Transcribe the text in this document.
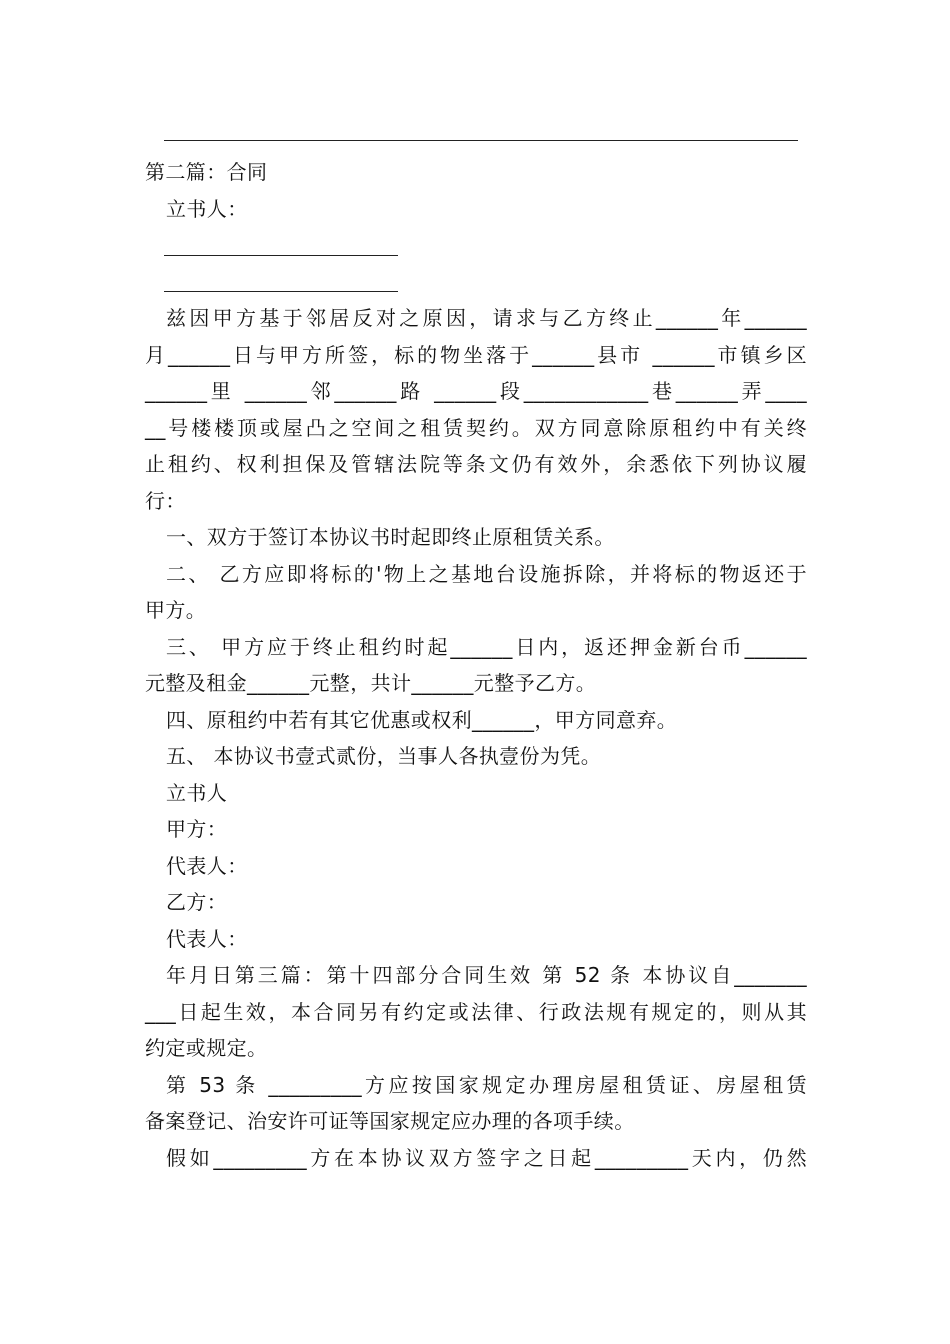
第二篇：合同

立书人：

兹因甲方基于邻居反对之原因，请求与乙方终止______年______

月______日与甲方所签，标的物坐落于______县市 ______市镇乡区

______里 ______邻______路 ______段____________巷______弄____

__号楼楼顶或屋凸之空间之租赁契约。双方同意除原租约中有关终

止租约、权利担保及管辖法院等条文仍有效外，余悉依下列协议履

行：

一、双方于签订本协议书时起即终止原租赁关系。

二、 乙方应即将标的'物上之基地台设施拆除，并将标的物返还于

甲方。

三、 甲方应于终止租约时起______日内，返还押金新台币______

元整及租金______元整，共计______元整予乙方。

四、原租约中若有其它优惠或权利______，甲方同意弃。

五、 本协议书壹式贰份，当事人各执壹份为凭。

立书人

甲方：

代表人：

乙方：

代表人：

年月日第三篇：第十四部分合同生效 第 52 条 本协议自_______

___日起生效，本合同另有约定或法律、行政法规有规定的，则从其

约定或规定。

第 53 条 _________方应按国家规定办理房屋租赁证、房屋租赁

备案登记、治安许可证等国家规定应办理的各项手续。

假如_________方在本协议双方签字之日起_________天内，仍然
